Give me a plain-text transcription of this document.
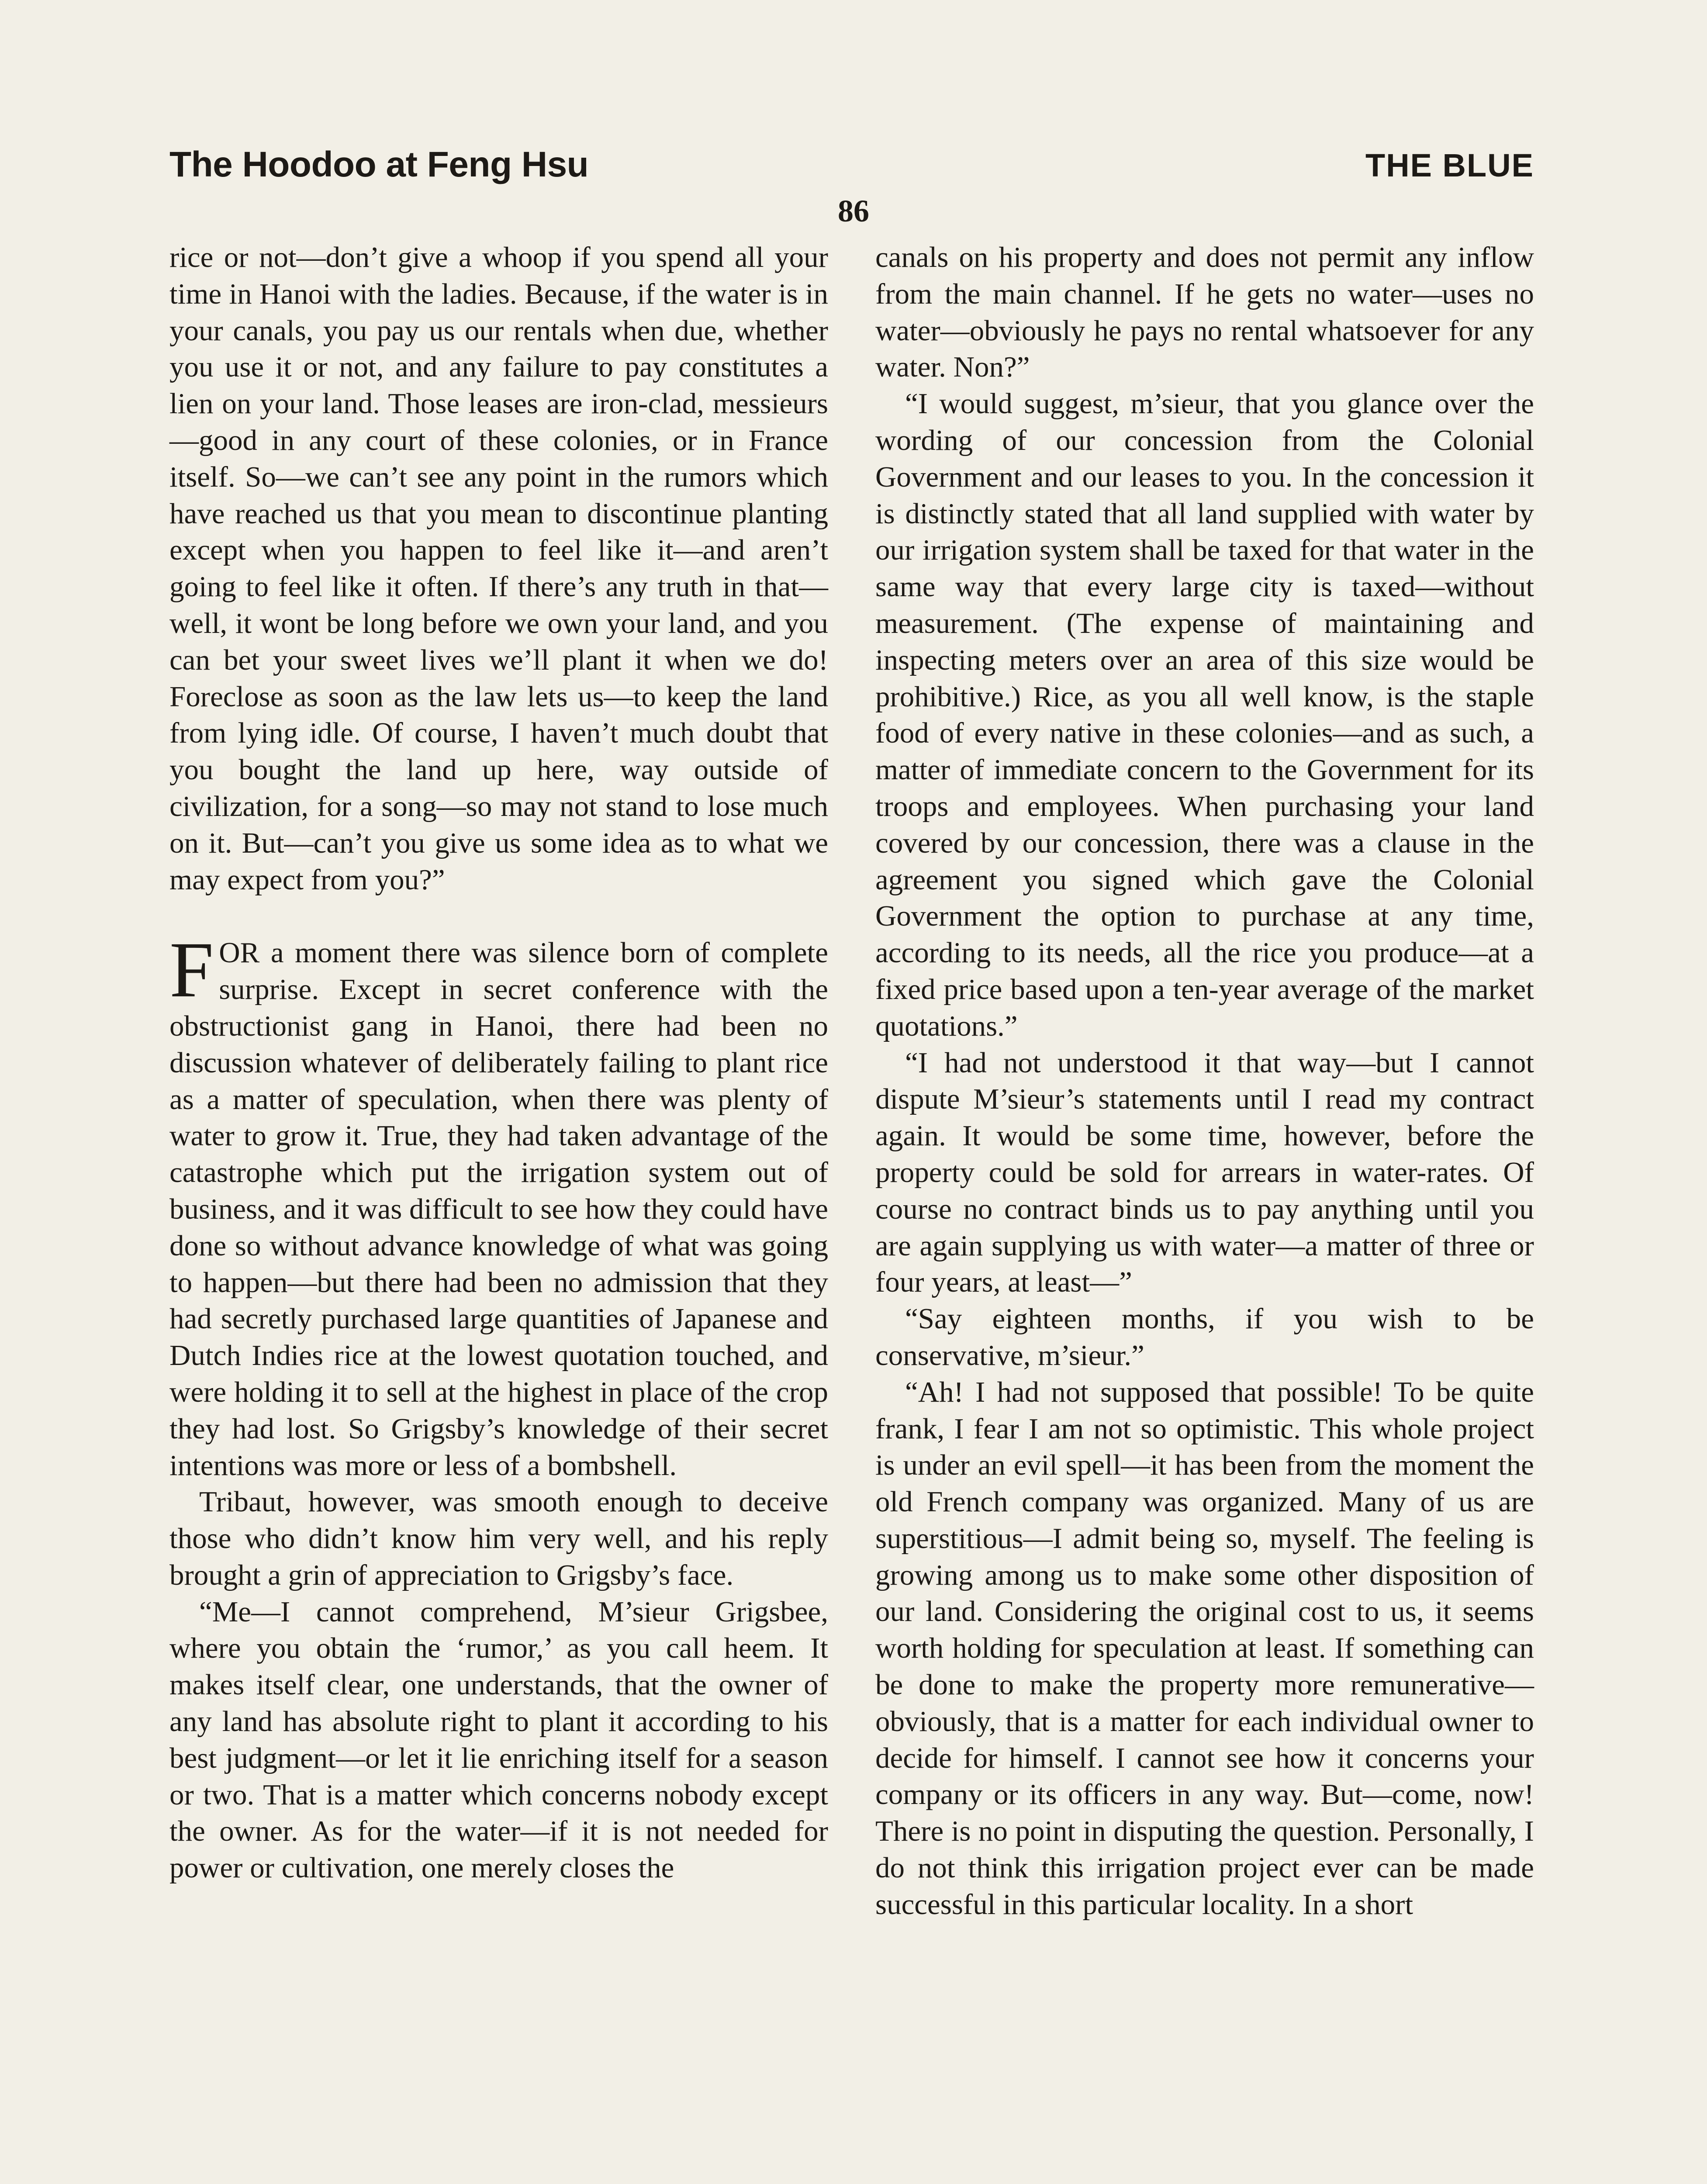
The Hoodoo at Feng Hsu	THE BLUE
86

rice or not—don’t give a whoop if you spend all your time in Hanoi with the ladies. Because, if the water is in your canals, you pay us our rentals when due, whether you use it or not, and any failure to pay constitutes a lien on your land. Those leases are iron-clad, messieurs—good in any court of these colonies, or in France itself. So—we can’t see any point in the rumors which have reached us that you mean to discontinue planting except when you happen to feel like it—and aren’t going to feel like it often. If there’s any truth in that—well, it wont be long before we own your land, and you can bet your sweet lives we’ll plant it when we do! Foreclose as soon as the law lets us—to keep the land from lying idle. Of course, I haven’t much doubt that you bought the land up here, way outside of civilization, for a song—so may not stand to lose much on it. But—can’t you give us some idea as to what we may expect from you?”

FOR a moment there was silence born of complete surprise. Except in secret conference with the obstructionist gang in Hanoi, there had been no discussion whatever of deliberately failing to plant rice as a matter of speculation, when there was plenty of water to grow it. True, they had taken advantage of the catastrophe which put the irrigation system out of business, and it was difficult to see how they could have done so without advance knowledge of what was going to happen—but there had been no admission that they had secretly purchased large quantities of Japanese and Dutch Indies rice at the lowest quotation touched, and were holding it to sell at the highest in place of the crop they had lost. So Grigsby’s knowledge of their secret intentions was more or less of a bombshell.

Tribaut, however, was smooth enough to deceive those who didn’t know him very well, and his reply brought a grin of appreciation to Grigsby’s face.

“Me—I cannot comprehend, M’sieur Grigsbee, where you obtain the ‘rumor,’ as you call heem. It makes itself clear, one understands, that the owner of any land has absolute right to plant it according to his best judgment—or let it lie enriching itself for a season or two. That is a matter which concerns nobody except the owner. As for the water—if it is not needed for power or cultivation, one merely closes the

canals on his property and does not permit any inflow from the main channel. If he gets no water—uses no water—obviously he pays no rental whatsoever for any water. Non?”

“I would suggest, m’sieur, that you glance over the wording of our concession from the Colonial Government and our leases to you. In the concession it is distinctly stated that all land supplied with water by our irrigation system shall be taxed for that water in the same way that every large city is taxed—without measurement. (The expense of maintaining and inspecting meters over an area of this size would be prohibitive.) Rice, as you all well know, is the staple food of every native in these colonies—and as such, a matter of immediate concern to the Government for its troops and employees. When purchasing your land covered by our concession, there was a clause in the agreement you signed which gave the Colonial Government the option to purchase at any time, according to its needs, all the rice you produce—at a fixed price based upon a ten-year average of the market quotations.”

“I had not understood it that way—but I cannot dispute M’sieur’s statements until I read my contract again. It would be some time, however, before the property could be sold for arrears in water-rates. Of course no contract binds us to pay anything until you are again supplying us with water—a matter of three or four years, at least—”

“Say eighteen months, if you wish to be conservative, m’sieur.”

“Ah! I had not supposed that possible! To be quite frank, I fear I am not so optimistic. This whole project is under an evil spell—it has been from the moment the old French company was organized. Many of us are superstitious—I admit being so, myself. The feeling is growing among us to make some other disposition of our land. Considering the original cost to us, it seems worth holding for speculation at least. If something can be done to make the property more remunerative—obviously, that is a matter for each individual owner to decide for himself. I cannot see how it concerns your company or its officers in any way. But—come, now! There is no point in disputing the question. Personally, I do not think this irrigation project ever can be made successful in this particular locality. In a short
